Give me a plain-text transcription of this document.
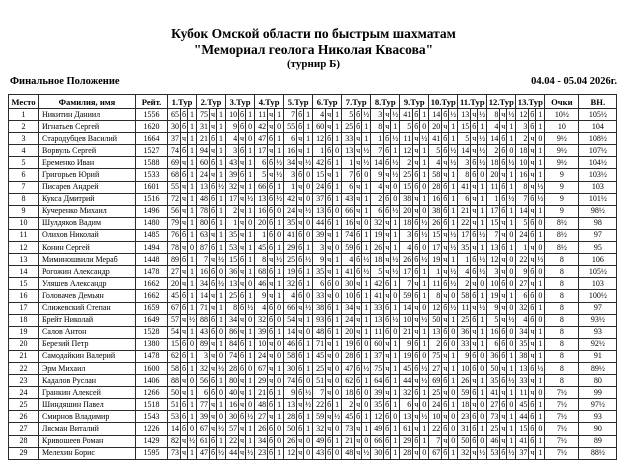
Кубок Омской области по быстрым шахматам
"Мемориал геолога Николая Квасова"
(турнир Б)
Финальное Положение	04.04 - 05.04 2026г.
Место	Фамилия, имя	Рейт.	1.Тур			2.Тур			3.Тур			4.Тур			5.Тур			6.Тур			7.Тур			8.Тур			9.Тур			10.Тур			11.Тур			12.Тур			13.Тур			Очки	ВН.
1	Никитин Даниил	1556	65	б	1	75	ч	1	10	б	1	11	ч	1	7	б	1	4	ч	1	5	б	½	3	ч	½	41	б	1	14	б	½	13	ч	½	8	ч	½	12	б	1	10½	105½
2	Игнатьев Сергей	1620	30	б	1	31	ч	1	9	б	0	42	ч	0	55	б	1	60	ч	1	25	б	1	8	ч	1	5	б	0	20	ч	1	15	б	1	4	ч	1	3	б	1	10	104
3	Стародубцев Василий	1664	37	ч	1	21	б	1	4	ч	0	47	б	1	6	ч	1	12	б	1	33	ч	1	1	б	½	11	ч	½	41	б	1	5	ч	½	14	б	1	2	ч	0	9½	108½
4	Ворвуль Сергей	1527	74	б	1	94	ч	1	3	б	1	17	ч	1	16	ч	1	1	б	0	13	ч	½	7	б	1	12	ч	1	5	б	½	14	ч	½	2	б	0	18	ч	1	9½	107½
5	Еременко Иван	1588	69	ч	1	60	б	1	43	ч	1	6	б	½	34	ч	½	42	б	1	1	ч	½	14	б	½	2	ч	1	4	ч	½	3	б	½	18	б	½	10	ч	1	9½	104½
6	Григорьев Юрий	1533	68	б	1	24	ч	1	39	б	1	5	ч	½	3	б	0	15	ч	1	7	б	0	9	ч	½	25	б	1	58	ч	1	8	б	0	20	ч	1	16	ч	1	9	103½
7	Писарев Андрей	1601	55	ч	1	13	б	½	32	ч	1	66	б	1	1	ч	0	24	б	1	6	ч	1	4	ч	0	15	б	0	28	б	1	41	ч	1	11	б	1	8	ч	½	9	103
8	Кукса Дмитрий	1516	72	ч	1	48	б	1	17	ч	½	13	б	½	42	ч	0	37	б	1	43	ч	1	2	б	0	38	ч	1	16	б	1	6	ч	1	1	б	½	7	б	½	9	101½
9	Кучеренко Михаил	1496	56	ч	1	78	б	1	2	ч	1	16	б	0	24	ч	½	13	б	0	66	ч	1	6	б	½	20	ч	0	38	б	1	21	ч	1	17	б	1	14	ч	1	9	98½
10	Шулдяков Вадим	1480	79	ч	1	80	б	1	1	ч	0	20	б	1	35	ч	0	44	б	1	16	ч	0	32	ч	1	18	б	½	26	б	1	22	ч	1	15	ч	1	5	б	0	8½	98
11	Олихов Николай	1485	76	б	1	63	ч	1	35	ч	1	1	б	0	41	б	0	39	ч	1	74	б	1	19	ч	1	3	б	½	15	ч	½	17	б	½	7	ч	0	24	б	1	8½	97
12	Конин Сергей	1494	78	ч	0	87	б	1	53	ч	1	45	б	1	29	б	1	3	ч	0	59	б	1	26	ч	1	4	б	0	17	ч	½	35	ч	1	13	б	1	1	ч	0	8½	95
13	Миминошвили Мераб	1448	89	б	1	7	ч	½	15	б	1	8	ч	½	25	б	½	9	ч	1	4	б	½	18	ч	½	26	б	½	19	ч	1	1	б	½	12	ч	0	22	ч	½	8	106
14	Рогожин Александр	1478	27	ч	1	16	б	0	36	ч	1	68	б	1	19	б	1	35	ч	1	41	б	½	5	ч	½	17	б	1	1	ч	½	4	б	½	3	ч	0	9	б	0	8	105½
15	Уляшев Александр	1662	20	ч	1	34	б	½	13	ч	0	46	ч	1	32	б	1	6	б	0	30	ч	1	42	б	1	7	ч	1	11	б	½	2	ч	0	10	б	0	27	ч	1	8	103
16	Головачев Демьян	1662	45	б	1	14	ч	1	25	б	1	9	ч	1	4	б	0	33	ч	0	10	б	1	41	ч	0	59	б	1	8	ч	0	58	б	1	19	ч	1	6	б	0	8	100½
17	Слижевский Степан	1659	67	б	1	71	ч	1	8	б	½	4	б	0	66	ч	½	38	б	1	34	ч	1	33	б	1	14	ч	0	12	б	½	11	ч	½	9	ч	0	32	б	1	8	97
18	Брейт Николай	1649	57	ч	½	88	б	1	34	ч	0	32	б	0	54	ч	1	93	б	1	24	ч	1	13	б	½	10	ч	½	50	ч	1	25	б	1	5	ч	½	4	б	0	8	93½
19	Салов Антон	1528	54	ч	1	43	б	0	86	ч	1	39	б	1	14	ч	0	48	б	1	20	ч	1	11	б	0	21	ч	1	13	б	0	36	ч	1	16	б	0	34	ч	1	8	93
20	Березий Петр	1380	15	б	0	89	ч	1	84	б	1	10	ч	0	46	б	1	71	ч	1	19	б	0	60	ч	1	9	б	1	2	б	0	33	ч	1	6	б	0	35	ч	1	8	92½
21	Самодайкин Валерий	1478	62	б	1	3	ч	0	74	б	1	24	ч	0	58	б	1	45	ч	0	28	б	1	37	ч	1	19	б	0	75	ч	1	9	б	0	36	б	1	38	ч	1	8	91
22	Эрм Михаил	1600	58	б	1	32	ч	½	28	б	0	67	ч	1	30	б	1	25	ч	0	47	б	½	75	ч	1	45	б	½	27	ч	1	10	б	0	50	ч	1	13	б	½	8	89½
23	Кадалов Руслан	1406	88	ч	0	56	б	1	80	ч	1	29	ч	0	74	б	0	51	ч	0	62	б	1	64	б	1	44	ч	½	69	б	1	26	ч	1	35	б	½	33	ч	1	8	80
24	Гранкин Алексей	1266	50	ч	1	6	б	0	40	ч	1	21	б	1	9	б	½	7	ч	0	18	б	0	39	ч	1	32	б	1	25	ч	0	59	б	1	41	ч	1	11	ч	0	7½	99
25	Шиндяшин Павел	1518	51	б	1	77	ч	1	16	ч	0	48	б	1	13	ч	½	22	б	1	2	ч	0	35	б	1	6	ч	0	24	б	1	18	ч	0	27	б	0	45	б	1	7½	97½
26	Смирнов Владимир	1543	53	б	1	39	ч	0	30	б	½	27	ч	1	28	б	1	59	ч	½	45	б	1	12	б	0	13	ч	½	10	ч	0	23	б	0	73	ч	1	44	б	1	7½	93
27	Лясман Виталий	1226	14	б	0	67	ч	½	57	ч	1	26	б	0	50	б	1	32	ч	0	73	ч	1	49	б	1	61	ч	1	22	б	0	31	б	1	25	ч	1	15	б	0	7½	90
28	Кривошеев Роман	1429	82	ч	½	61	б	1	22	ч	1	34	б	0	26	ч	0	49	б	1	21	ч	0	66	б	1	29	б	1	7	ч	0	50	б	0	46	ч	1	41	б	1	7½	89
29	Мелехин Борис	1595	73	ч	1	47	б	½	44	ч	½	23	б	1	12	ч	0	43	б	0	48	ч	½	30	б	1	28	ч	0	67	б	1	32	ч	½	53	б	½	37	ч	1	7½	88½
